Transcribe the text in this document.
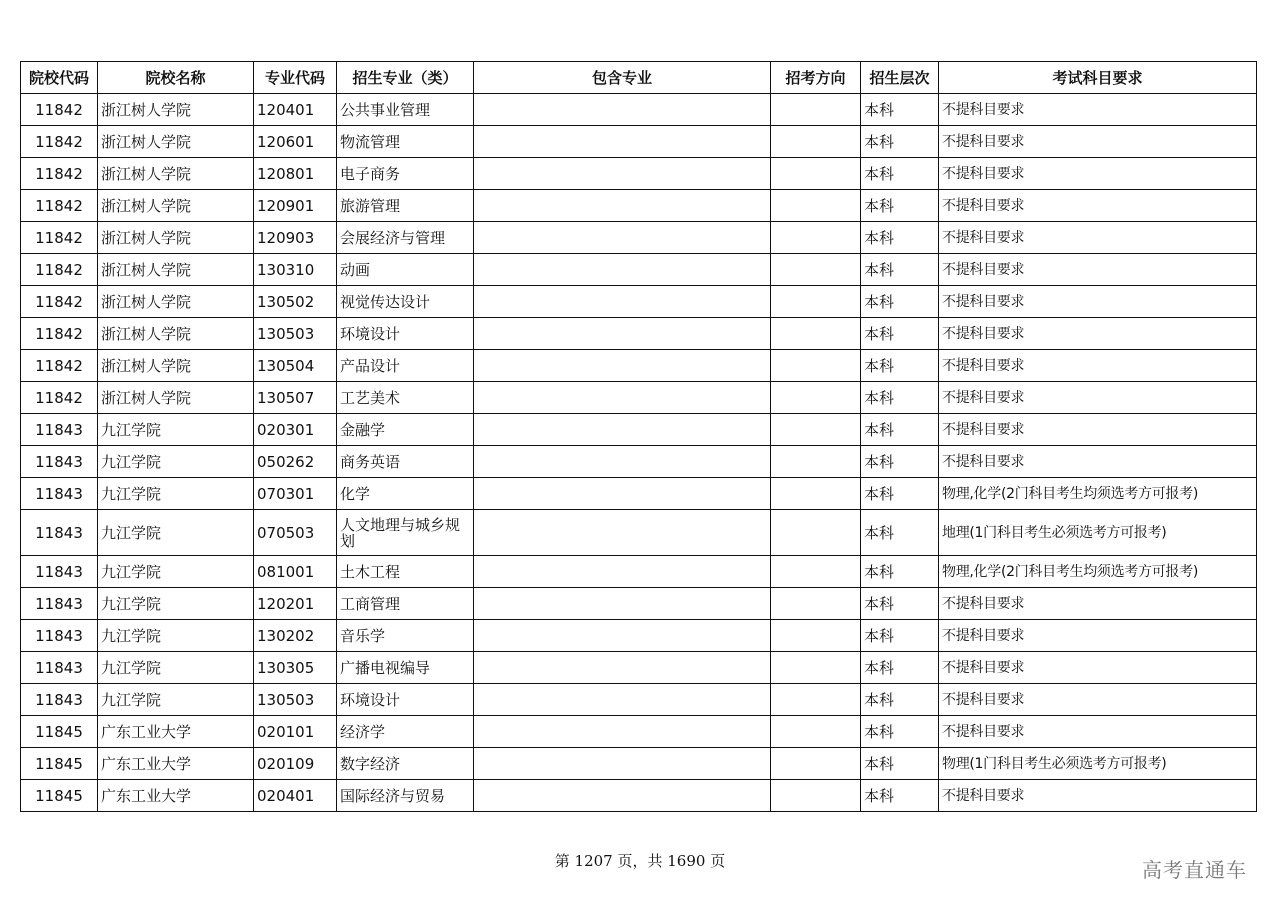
院校代码	院校名称	专业代码	招生专业（类）	包含专业	招考方向	招生层次	考试科目要求
11842	浙江树人学院	120401	公共事业管理			本科	不提科目要求
11842	浙江树人学院	120601	物流管理			本科	不提科目要求
11842	浙江树人学院	120801	电子商务			本科	不提科目要求
11842	浙江树人学院	120901	旅游管理			本科	不提科目要求
11842	浙江树人学院	120903	会展经济与管理			本科	不提科目要求
11842	浙江树人学院	130310	动画			本科	不提科目要求
11842	浙江树人学院	130502	视觉传达设计			本科	不提科目要求
11842	浙江树人学院	130503	环境设计			本科	不提科目要求
11842	浙江树人学院	130504	产品设计			本科	不提科目要求
11842	浙江树人学院	130507	工艺美术			本科	不提科目要求
11843	九江学院	020301	金融学			本科	不提科目要求
11843	九江学院	050262	商务英语			本科	不提科目要求
11843	九江学院	070301	化学			本科	物理,化学(2门科目考生均须选考方可报考)
11843	九江学院	070503	人文地理与城乡规划			本科	地理(1门科目考生必须选考方可报考)
11843	九江学院	081001	土木工程			本科	物理,化学(2门科目考生均须选考方可报考)
11843	九江学院	120201	工商管理			本科	不提科目要求
11843	九江学院	130202	音乐学			本科	不提科目要求
11843	九江学院	130305	广播电视编导			本科	不提科目要求
11843	九江学院	130503	环境设计			本科	不提科目要求
11845	广东工业大学	020101	经济学			本科	不提科目要求
11845	广东工业大学	020109	数字经济			本科	物理(1门科目考生必须选考方可报考)
11845	广东工业大学	020401	国际经济与贸易			本科	不提科目要求
第 1207 页，共 1690 页	高考直通车
